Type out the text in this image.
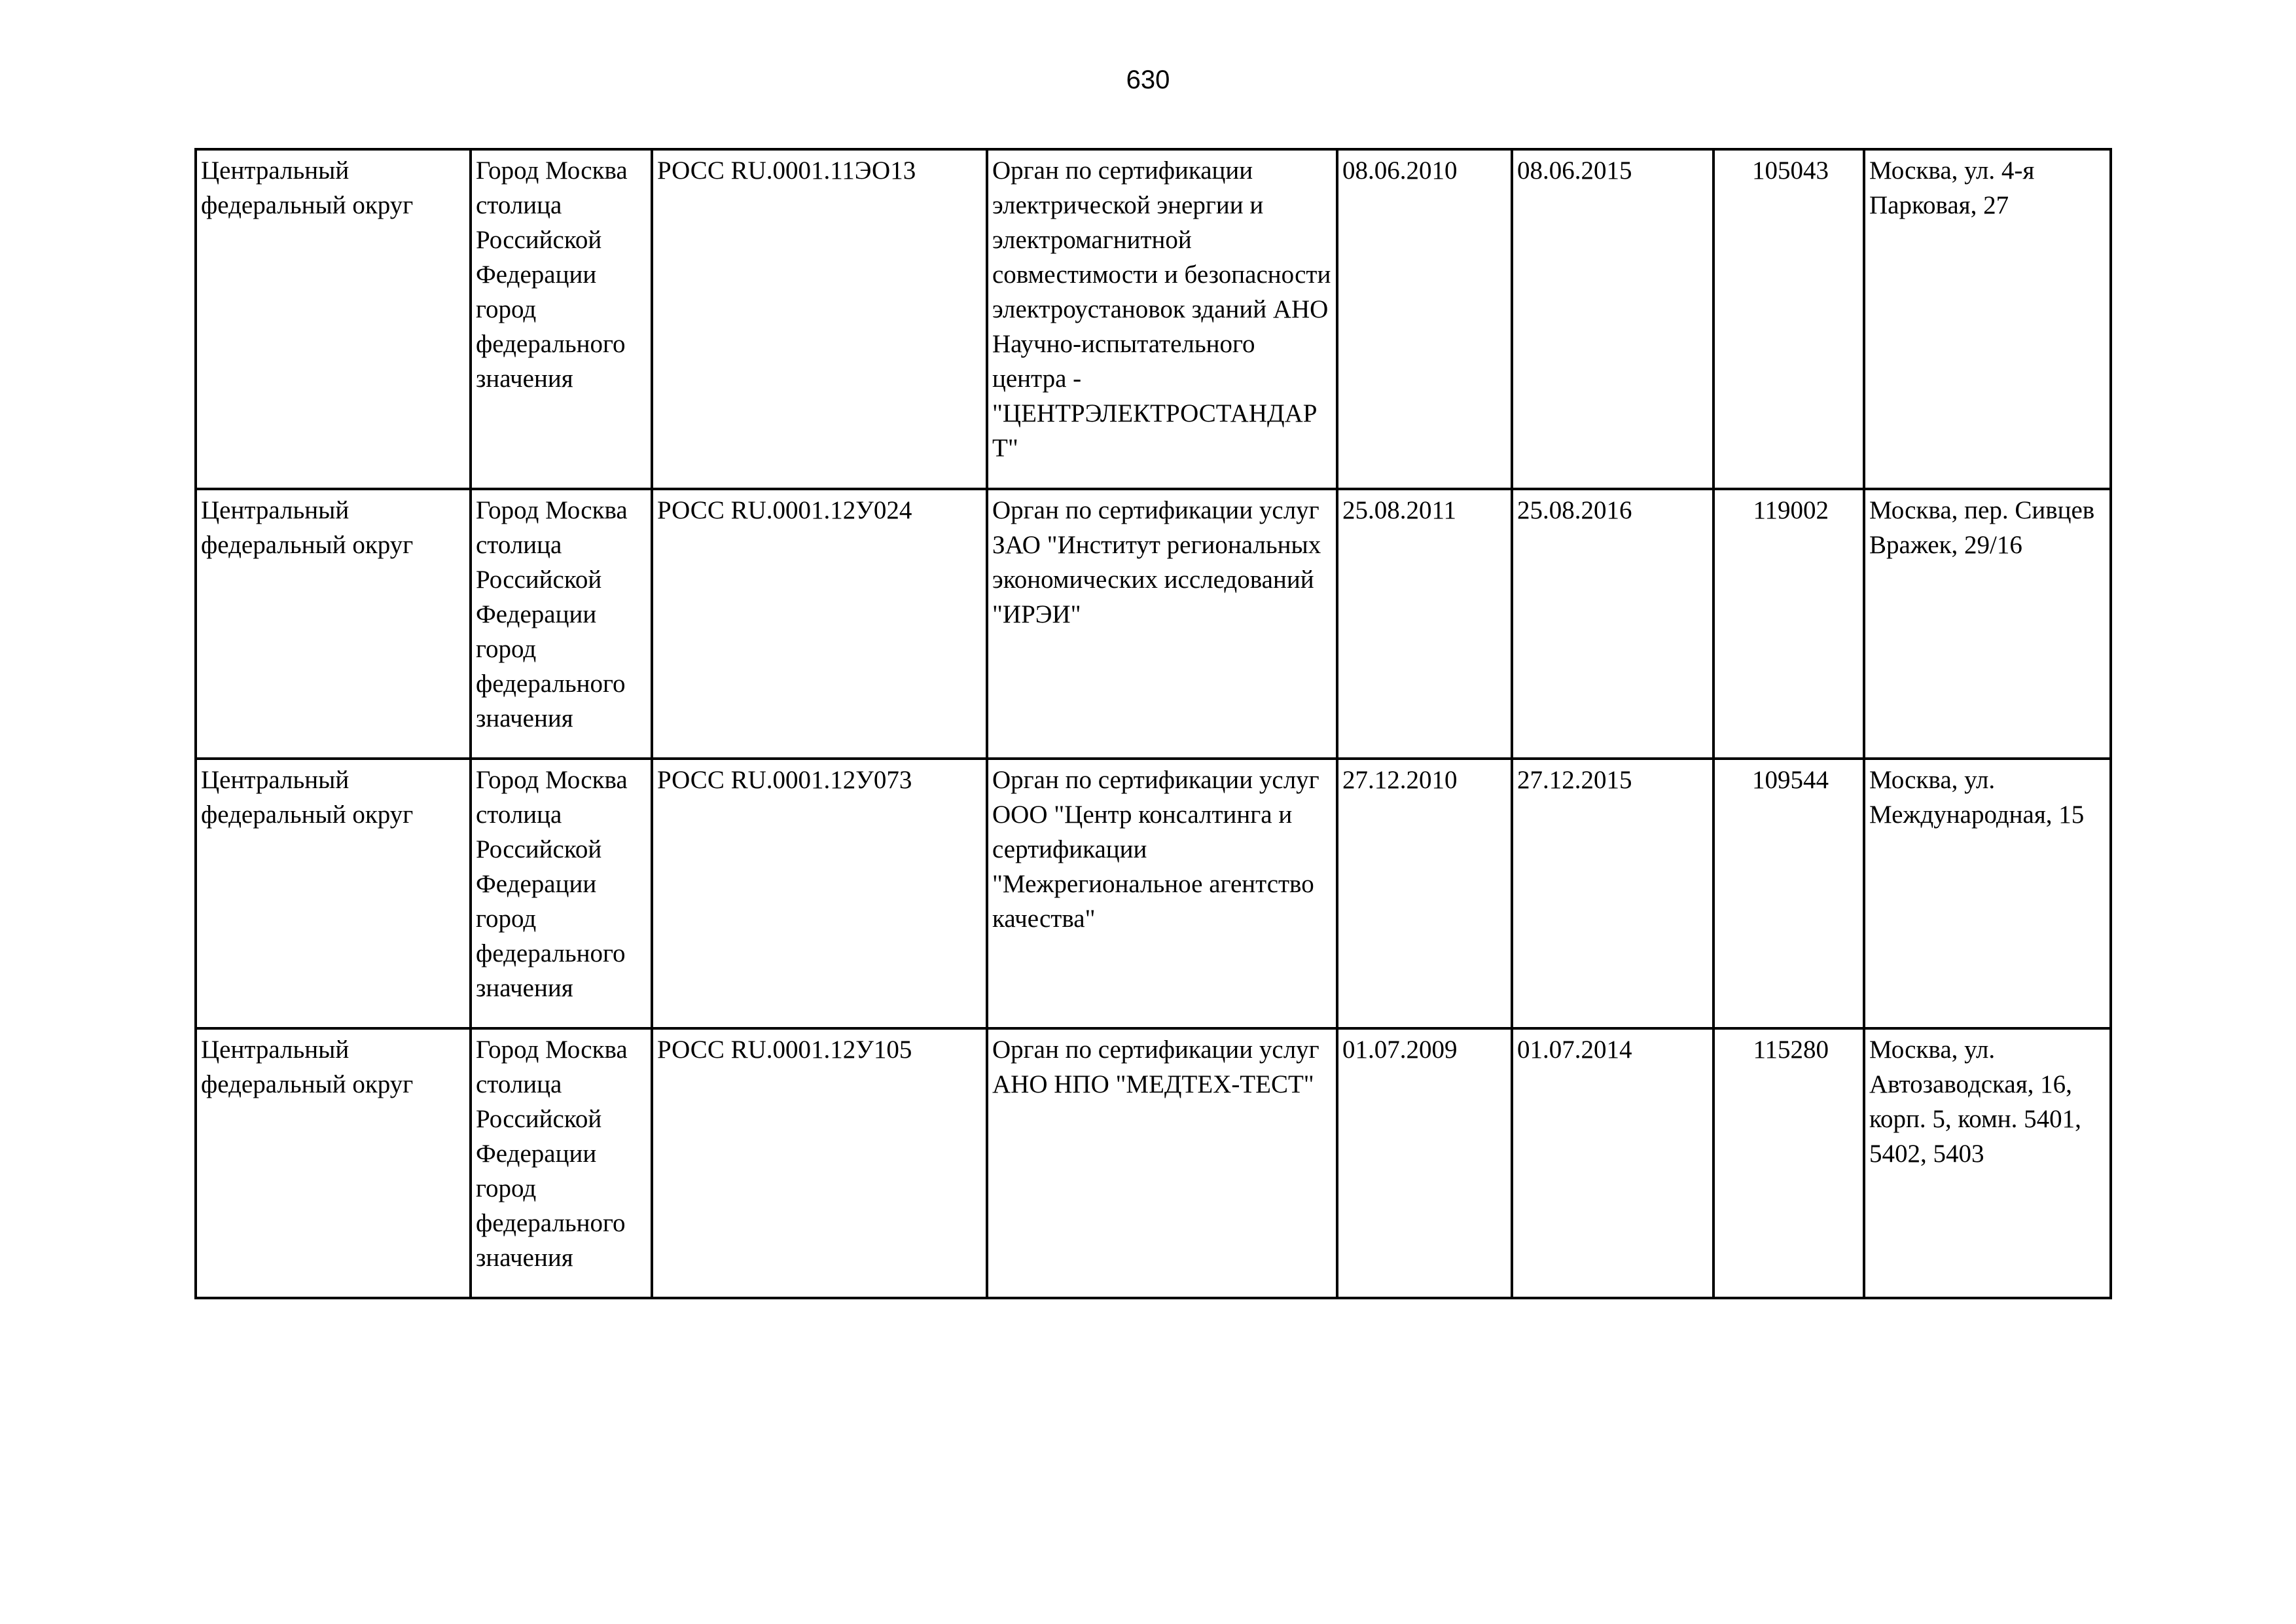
630
Центральный федеральный округ	Город Москва столица Российской Федерации город федерального значения	РОСС RU.0001.11ЭО13	Орган по сертификации электрической энергии и электромагнитной совместимости и безопасности электроустановок зданий АНО Научно-испытательного центра - "ЦЕНТРЭЛЕКТРОСТАНДАРТ"	08.06.2010	08.06.2015	105043	Москва, ул. 4-я Парковая, 27

Центральный федеральный округ	Город Москва столица Российской Федерации город федерального значения	РОСС RU.0001.12У024	Орган по сертификации услуг ЗАО "Институт региональных экономических исследований "ИРЭИ"	25.08.2011	25.08.2016	119002	Москва, пер. Сивцев Вражек, 29/16

Центральный федеральный округ	Город Москва столица Российской Федерации город федерального значения	РОСС RU.0001.12У073	Орган по сертификации услуг ООО "Центр консалтинга и сертификации "Межрегиональное агентство качества"	27.12.2010	27.12.2015	109544	Москва, ул. Международная, 15

Центральный федеральный округ	Город Москва столица Российской Федерации город федерального значения	РОСС RU.0001.12У105	Орган по сертификации услуг АНО НПО "МЕДТЕХ-ТЕСТ"	01.07.2009	01.07.2014	115280	Москва, ул. Автозаводская, 16, корп. 5, комн. 5401, 5402, 5403
